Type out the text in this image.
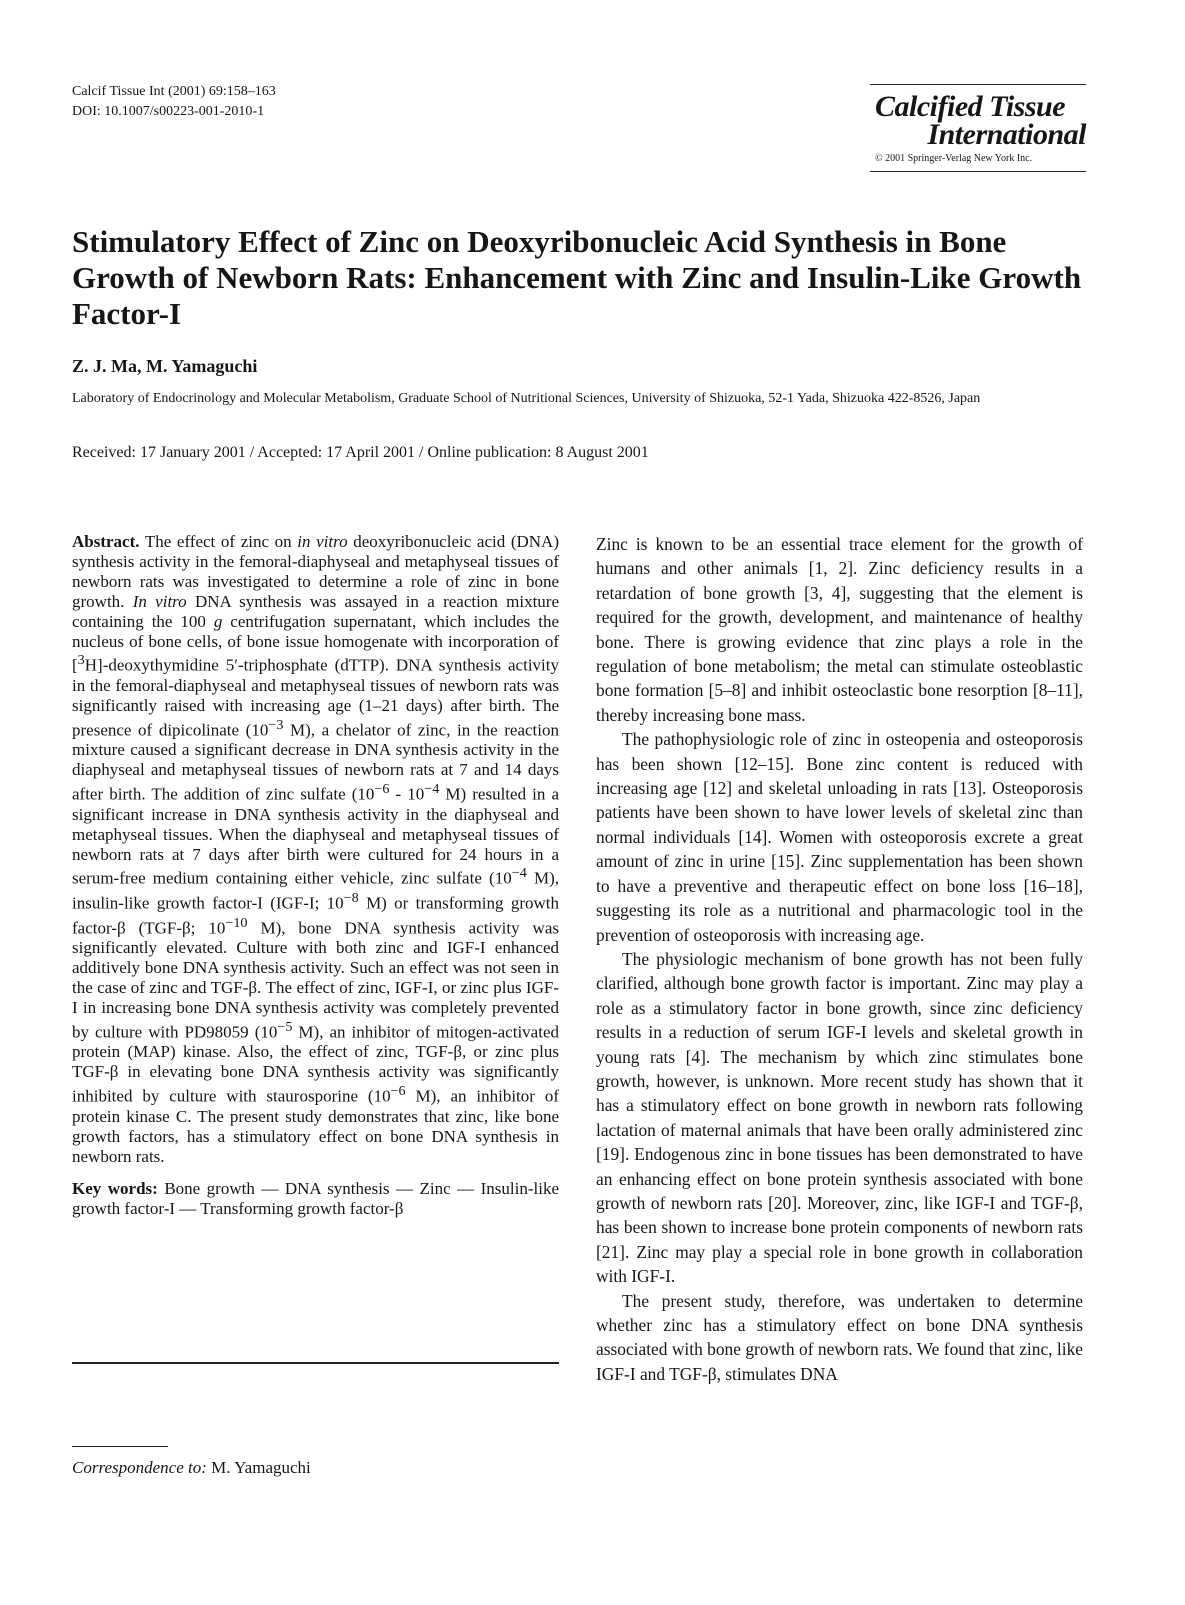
Calcif Tissue Int (2001) 69:158–163
DOI: 10.1007/s00223-001-2010-1	Calcified Tissue
International
© 2001 Springer-Verlag New York Inc.
Stimulatory Effect of Zinc on Deoxyribonucleic Acid Synthesis in Bone Growth of Newborn Rats: Enhancement with Zinc and Insulin-Like Growth Factor-I
Z. J. Ma, M. Yamaguchi
Laboratory of Endocrinology and Molecular Metabolism, Graduate School of Nutritional Sciences, University of Shizuoka, 52-1 Yada, Shizuoka 422-8526, Japan
Received: 17 January 2001 / Accepted: 17 April 2001 / Online publication: 8 August 2001

Abstract. The effect of zinc on in vitro deoxyribonucleic acid (DNA) synthesis activity in the femoral-diaphyseal and metaphyseal tissues of newborn rats was investigated to determine a role of zinc in bone growth. In vitro DNA synthesis was assayed in a reaction mixture containing the 100 g centrifugation supernatant, which includes the nucleus of bone cells, of bone issue homogenate with incorporation of [$^3$H]-deoxythymidine 5′-triphosphate (dTTP). DNA synthesis activity in the femoral-diaphyseal and metaphyseal tissues of newborn rats was significantly raised with increasing age (1–21 days) after birth. The presence of dipicolinate ($10^{-3}$ M), a chelator of zinc, in the reaction mixture caused a significant decrease in DNA synthesis activity in the diaphyseal and metaphyseal tissues of newborn rats at 7 and 14 days after birth. The addition of zinc sulfate ($10^{-6} - 10^{-4}$ M) resulted in a significant increase in DNA synthesis activity in the diaphyseal and metaphyseal tissues. When the diaphyseal and metaphyseal tissues of newborn rats at 7 days after birth were cultured for 24 hours in a serum-free medium containing either vehicle, zinc sulfate ($10^{-4}$ M), insulin-like growth factor-I (IGF-I; $10^{-8}$ M) or transforming growth factor-β (TGF-β; $10^{-10}$ M), bone DNA synthesis activity was significantly elevated. Culture with both zinc and IGF-I enhanced additively bone DNA synthesis activity. Such an effect was not seen in the case of zinc and TGF-β. The effect of zinc, IGF-I, or zinc plus IGF-I in increasing bone DNA synthesis activity was completely prevented by culture with PD98059 ($10^{-5}$ M), an inhibitor of mitogen-activated protein (MAP) kinase. Also, the effect of zinc, TGF-β, or zinc plus TGF-β in elevating bone DNA synthesis activity was significantly inhibited by culture with staurosporine ($10^{-6}$ M), an inhibitor of protein kinase C. The present study demonstrates that zinc, like bone growth factors, has a stimulatory effect on bone DNA synthesis in newborn rats.

Key words: Bone growth — DNA synthesis — Zinc — Insulin-like growth factor-I — Transforming growth factor-β

Correspondence to: M. Yamaguchi

Zinc is known to be an essential trace element for the growth of humans and other animals [1, 2]. Zinc deficiency results in a retardation of bone growth [3, 4], suggesting that the element is required for the growth, development, and maintenance of healthy bone. There is growing evidence that zinc plays a role in the regulation of bone metabolism; the metal can stimulate osteoblastic bone formation [5–8] and inhibit osteoclastic bone resorption [8–11], thereby increasing bone mass.

The pathophysiologic role of zinc in osteopenia and osteoporosis has been shown [12–15]. Bone zinc content is reduced with increasing age [12] and skeletal unloading in rats [13]. Osteoporosis patients have been shown to have lower levels of skeletal zinc than normal individuals [14]. Women with osteoporosis excrete a great amount of zinc in urine [15]. Zinc supplementation has been shown to have a preventive and therapeutic effect on bone loss [16–18], suggesting its role as a nutritional and pharmacologic tool in the prevention of osteoporosis with increasing age.

The physiologic mechanism of bone growth has not been fully clarified, although bone growth factor is important. Zinc may play a role as a stimulatory factor in bone growth, since zinc deficiency results in a reduction of serum IGF-I levels and skeletal growth in young rats [4]. The mechanism by which zinc stimulates bone growth, however, is unknown. More recent study has shown that it has a stimulatory effect on bone growth in newborn rats following lactation of maternal animals that have been orally administered zinc [19]. Endogenous zinc in bone tissues has been demonstrated to have an enhancing effect on bone protein synthesis associated with bone growth of newborn rats [20]. Moreover, zinc, like IGF-I and TGF-β, has been shown to increase bone protein components of newborn rats [21]. Zinc may play a special role in bone growth in collaboration with IGF-I.

The present study, therefore, was undertaken to determine whether zinc has a stimulatory effect on bone DNA synthesis associated with bone growth of newborn rats. We found that zinc, like IGF-I and TGF-β, stimulates DNA
